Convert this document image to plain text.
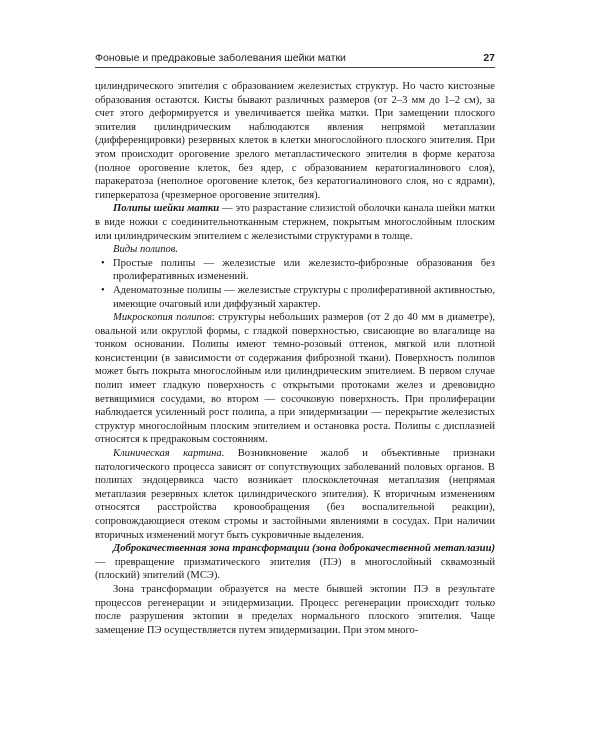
Фоновые и предраковые заболевания шейки матки	27

цилиндрического эпителия с образованием железистых структур. Но часто кистозные образования остаются. Кисты бывают различных размеров (от 2–3 мм до 1–2 см), за счет этого деформируется и увеличивается шейка матки. При замещении плоского эпителия цилиндрическим наблюдаются явления непрямой метаплазии (дифференцировки) резервных клеток в клетки многослойного плоского эпителия. При этом происходит ороговение зрелого метапластического эпителия в форме кератоза (полное ороговение клеток, без ядер, с образованием кератогиалинового слоя), паракератоза (неполное ороговение клеток, без кератогиалинового слоя, но с ядрами), гиперкератоза (чрезмерное ороговение эпителия).

Полипы шейки матки — это разрастание слизистой оболочки канала шейки матки в виде ножки с соединительнотканным стержнем, покрытым многослойным плоским или цилиндрическим эпителием с железистыми структурами в толще.

Виды полипов.

• Простые полипы — железистые или железисто-фиброзные образования без пролиферативных изменений.
• Аденоматозные полипы — железистые структуры с пролиферативной активностью, имеющие очаговый или диффузный характер.

Микроскопия полипов: структуры небольших размеров (от 2 до 40 мм в диаметре), овальной или округлой формы, с гладкой поверхностью, свисающие во влагалище на тонком основании. Полипы имеют темно-розовый оттенок, мягкой или плотной консистенции (в зависимости от содержания фиброзной ткани). Поверхность полипов может быть покрыта многослойным или цилиндрическим эпителием. В первом случае полип имеет гладкую поверхность с открытыми протоками желез и древовидно ветвящимися сосудами, во втором — сосочковую поверхность. При пролиферации наблюдается усиленный рост полипа, а при эпидермизации — перекрытие железистых структур многослойным плоским эпителием и остановка роста. Полипы с дисплазией относятся к предраковым состояниям.

Клиническая картина. Возникновение жалоб и объективные признаки патологического процесса зависят от сопутствующих заболеваний половых органов. В полипах эндоцервикса часто возникает плоскоклеточная метаплазия (непрямая метаплазия резервных клеток цилиндрического эпителия). К вторичным изменениям относятся расстройства кровообращения (без воспалительной реакции), сопровождающиеся отеком стромы и застойными явлениями в сосудах. При наличии вторичных изменений могут быть сукровичные выделения.

Доброкачественная зона трансформации (зона доброкачественной метаплазии) — превращение призматического эпителия (ПЭ) в многослойный сквамозный (плоский) эпителий (МСЭ).

Зона трансформации образуется на месте бывшей эктопии ПЭ в результате процессов регенерации и эпидермизации. Процесс регенерации происходит только после разрушения эктопии в пределах нормального плоского эпителия. Чаще замещение ПЭ осуществляется путем эпидермизации. При этом много-
